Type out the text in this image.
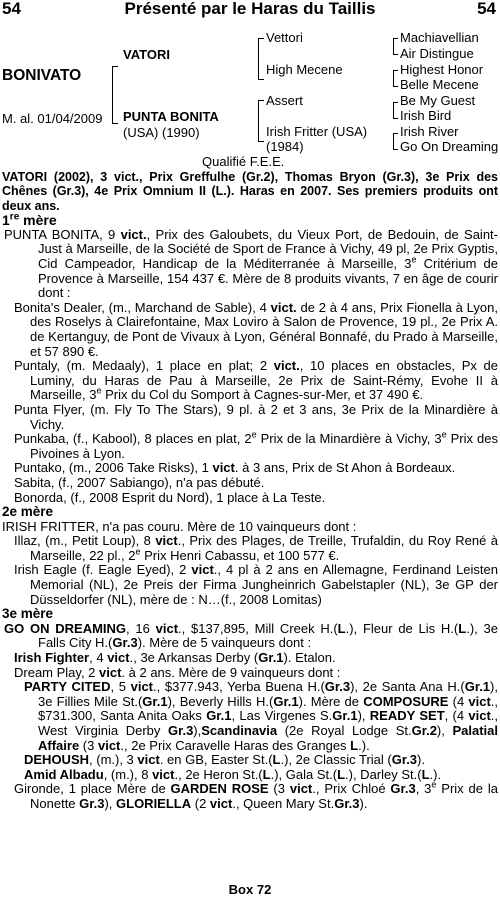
54	Présenté par le Haras du Taillis	54
BONIVATO
M. al. 01/04/2009
VATORI
PUNTA BONITA
(USA) (1990)
Vettori
High Mecene
Assert
Irish Fritter (USA)
(1984)
Machiavellian
Air Distingue
Highest Honor
Belle Mecene
Be My Guest
Irish Bird
Irish River
Go On Dreaming
Qualifié F.E.E.

VATORI (2002), 3 vict., Prix Greffulhe (Gr.2), Thomas Bryon (Gr.3), 3e Prix des Chênes (Gr.3), 4e Prix Omnium II (L.). Haras en 2007. Ses premiers produits ont deux ans.

1re mère

PUNTA BONITA, 9 vict., Prix des Galoubets, du Vieux Port, de Bedouin, de Saint-Just à Marseille, de la Société de Sport de France à Vichy, 49 pl, 2e Prix Gyptis, Cid Campeador, Handicap de la Méditerranée à Marseille, 3e Critérium de Provence à Marseille, 154 437 €. Mère de 8 produits vivants, 7 en âge de courir dont :

Bonita's Dealer, (m., Marchand de Sable), 4 vict. de 2 à 4 ans, Prix Fionella à Lyon, des Roselys à Clairefontaine, Max Loviro à Salon de Provence, 19 pl., 2e Prix A. de Kertanguy, de Pont de Vivaux à Lyon, Général Bonnafé, du Prado à Marseille, et 57 890 €.

Puntaly, (m. Medaaly), 1 place en plat; 2 vict., 10 places en obstacles, Px de Luminy, du Haras de Pau à Marseille, 2e Prix de Saint-Rémy, Evohe II à Marseille, 3e Prix du Col du Somport à Cagnes-sur-Mer, et 37 490 €.

Punta Flyer, (m. Fly To The Stars), 9 pl. à 2 et 3 ans, 3e Prix de la Minardière à Vichy.

Punkaba, (f., Kabool), 8 places en plat, 2e Prix de la Minardière à Vichy, 3e Prix des Pivoines à Lyon.

Puntako, (m., 2006 Take Risks), 1 vict. à 3 ans, Prix de St Ahon à Bordeaux.

Sabita, (f., 2007 Sabiango), n'a pas débuté.

Bonorda, (f., 2008 Esprit du Nord), 1 place à La Teste.

2e mère

IRISH FRITTER, n'a pas couru. Mère de 10 vainqueurs dont :

Illaz, (m., Petit Loup), 8 vict., Prix des Plages, de Treille, Trufaldin, du Roy René à Marseille, 22 pl., 2e Prix Henri Cabassu, et 100 577 €.

Irish Eagle (f. Eagle Eyed), 2 vict., 4 pl à 2 ans en Allemagne, Ferdinand Leisten Memorial (NL), 2e Preis der Firma Jungheinrich Gabelstapler (NL), 3e GP der Düsseldorfer (NL), mère de : N…(f., 2008 Lomitas)

3e mère

GO ON DREAMING, 16 vict., $137,895, Mill Creek H.(L.), Fleur de Lis H.(L.), 3e Falls City H.(Gr.3). Mère de 5 vainqueurs dont :

Irish Fighter, 4 vict., 3e Arkansas Derby (Gr.1). Etalon.

Dream Play, 2 vict. à 2 ans. Mère de 9 vainqueurs dont :

PARTY CITED, 5 vict., $377.943, Yerba Buena H.(Gr.3), 2e Santa Ana H.(Gr.1), 3e Fillies Mile St.(Gr.1), Beverly Hills H.(Gr.1). Mère de COMPOSURE (4 vict., $731.300, Santa Anita Oaks Gr.1, Las Virgenes S.Gr.1), READY SET, (4 vict., West Virginia Derby Gr.3),Scandinavia (2e Royal Lodge St.Gr.2), Palatial Affaire (3 vict., 2e Prix Caravelle Haras des Granges L.).

DEHOUSH, (m.), 3 vict. en GB, Easter St.(L.), 2e Classic Trial (Gr.3).

Amid Albadu, (m.), 8 vict., 2e Heron St.(L.), Gala St.(L.), Darley St.(L.).

Gironde, 1 place Mère de GARDEN ROSE (3 vict., Prix Chloé Gr.3, 3e Prix de la Nonette Gr.3), GLORIELLA (2 vict., Queen Mary St.Gr.3).

Box 72
